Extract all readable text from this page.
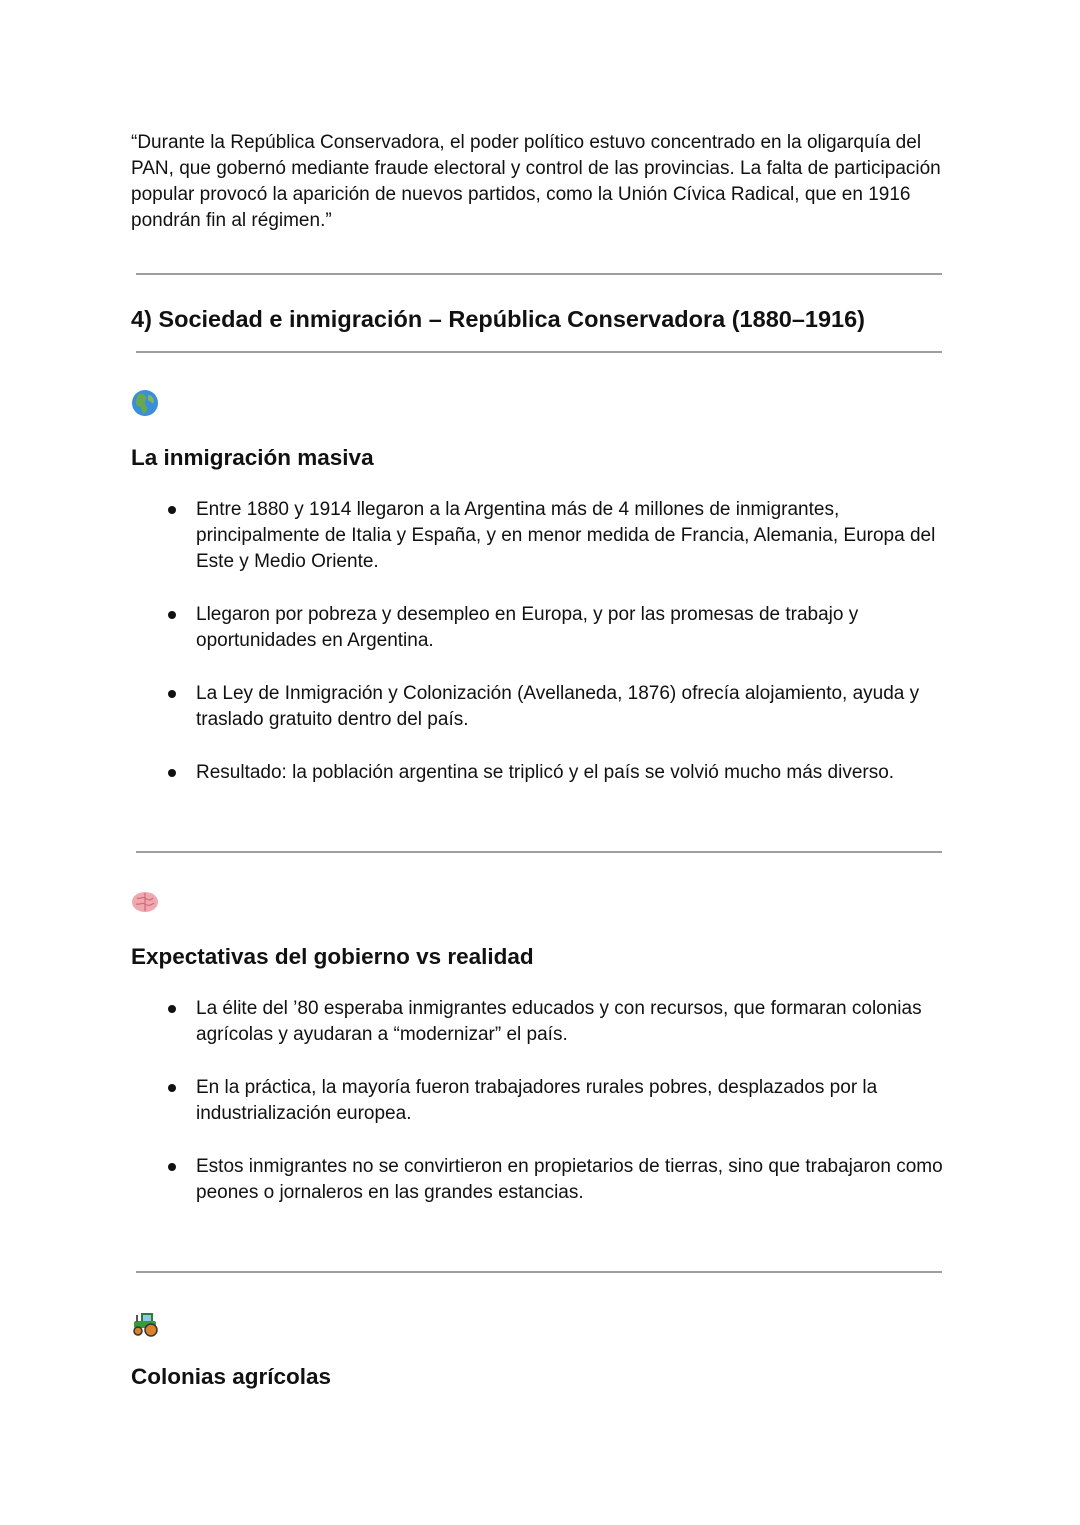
“Durante la República Conservadora, el poder político estuvo concentrado en la oligarquía del PAN, que gobernó mediante fraude electoral y control de las provincias. La falta de participación popular provocó la aparición de nuevos partidos, como la Unión Cívica Radical, que en 1916 pondrán fin al régimen.”

4) Sociedad e inmigración – República Conservadora (1880–1916)
La inmigración masiva
Entre 1880 y 1914 llegaron a la Argentina más de 4 millones de inmigrantes, principalmente de Italia y España, y en menor medida de Francia, Alemania, Europa del Este y Medio Oriente.
Llegaron por pobreza y desempleo en Europa, y por las promesas de trabajo y oportunidades en Argentina.
La Ley de Inmigración y Colonización (Avellaneda, 1876) ofrecía alojamiento, ayuda y traslado gratuito dentro del país.
Resultado: la población argentina se triplicó y el país se volvió mucho más diverso.
Expectativas del gobierno vs realidad
La élite del ’80 esperaba inmigrantes educados y con recursos, que formaran colonias agrícolas y ayudaran a “modernizar” el país.
En la práctica, la mayoría fueron trabajadores rurales pobres, desplazados por la industrialización europea.
Estos inmigrantes no se convirtieron en propietarios de tierras, sino que trabajaron como peones o jornaleros en las grandes estancias.
Colonias agrícolas
